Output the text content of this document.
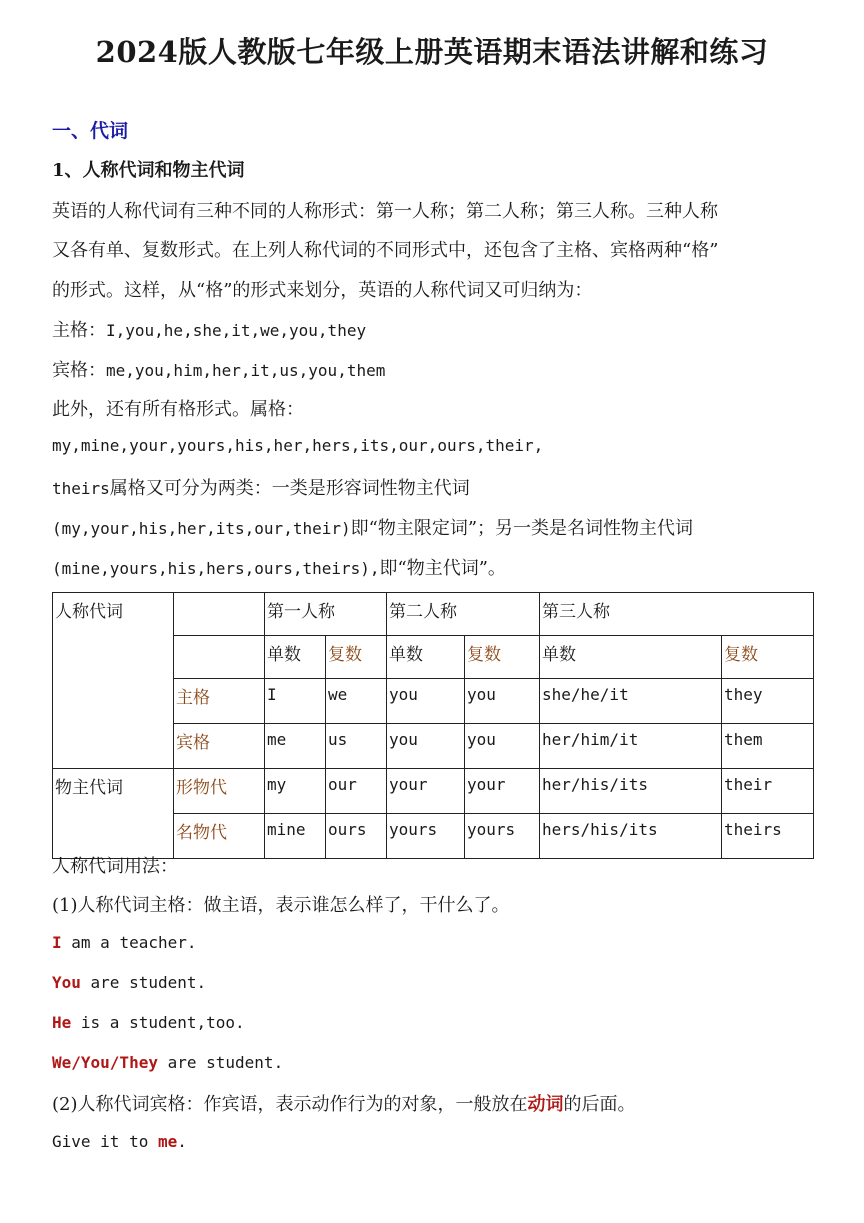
2024版人教版七年级上册英语期末语法讲解和练习
一、代词
1、人称代词和物主代词
英语的人称代词有三种不同的人称形式：第一人称；第二人称；第三人称。三种人称
又各有单、复数形式。在上列人称代词的不同形式中，还包含了主格、宾格两种“格”
的形式。这样，从“格”的形式来划分，英语的人称代词又可归纳为：
主格：I,you,he,she,it,we,you,they
宾格：me,you,him,her,it,us,you,them
此外，还有所有格形式。属格：
my,mine,your,yours,his,her,hers,its,our,ours,their,
theirs属格又可分为两类：一类是形容词性物主代词
(my,your,his,her,its,our,their)即“物主限定词”；另一类是名词性物主代词
(mine,yours,his,hers,ours,theirs),即“物主代词”。
人称代词		第一人称		第二人称		第三人称	
		单数	复数	单数	复数	单数	复数
	主格	I	we	you	you	she/he/it	they
	宾格	me	us	you	you	her/him/it	them
物主代词	形物代	my	our	your	your	her/his/its	their
	名物代	mine	ours	yours	yours	hers/his/its	theirs
人称代词用法：
(1)人称代词主格：做主语，表示谁怎么样了，干什么了。
I am a teacher.
You are student.
He is a student,too.
We/You/They are student.
(2)人称代词宾格：作宾语，表示动作行为的对象，一般放在动词的后面。
Give it to me.
